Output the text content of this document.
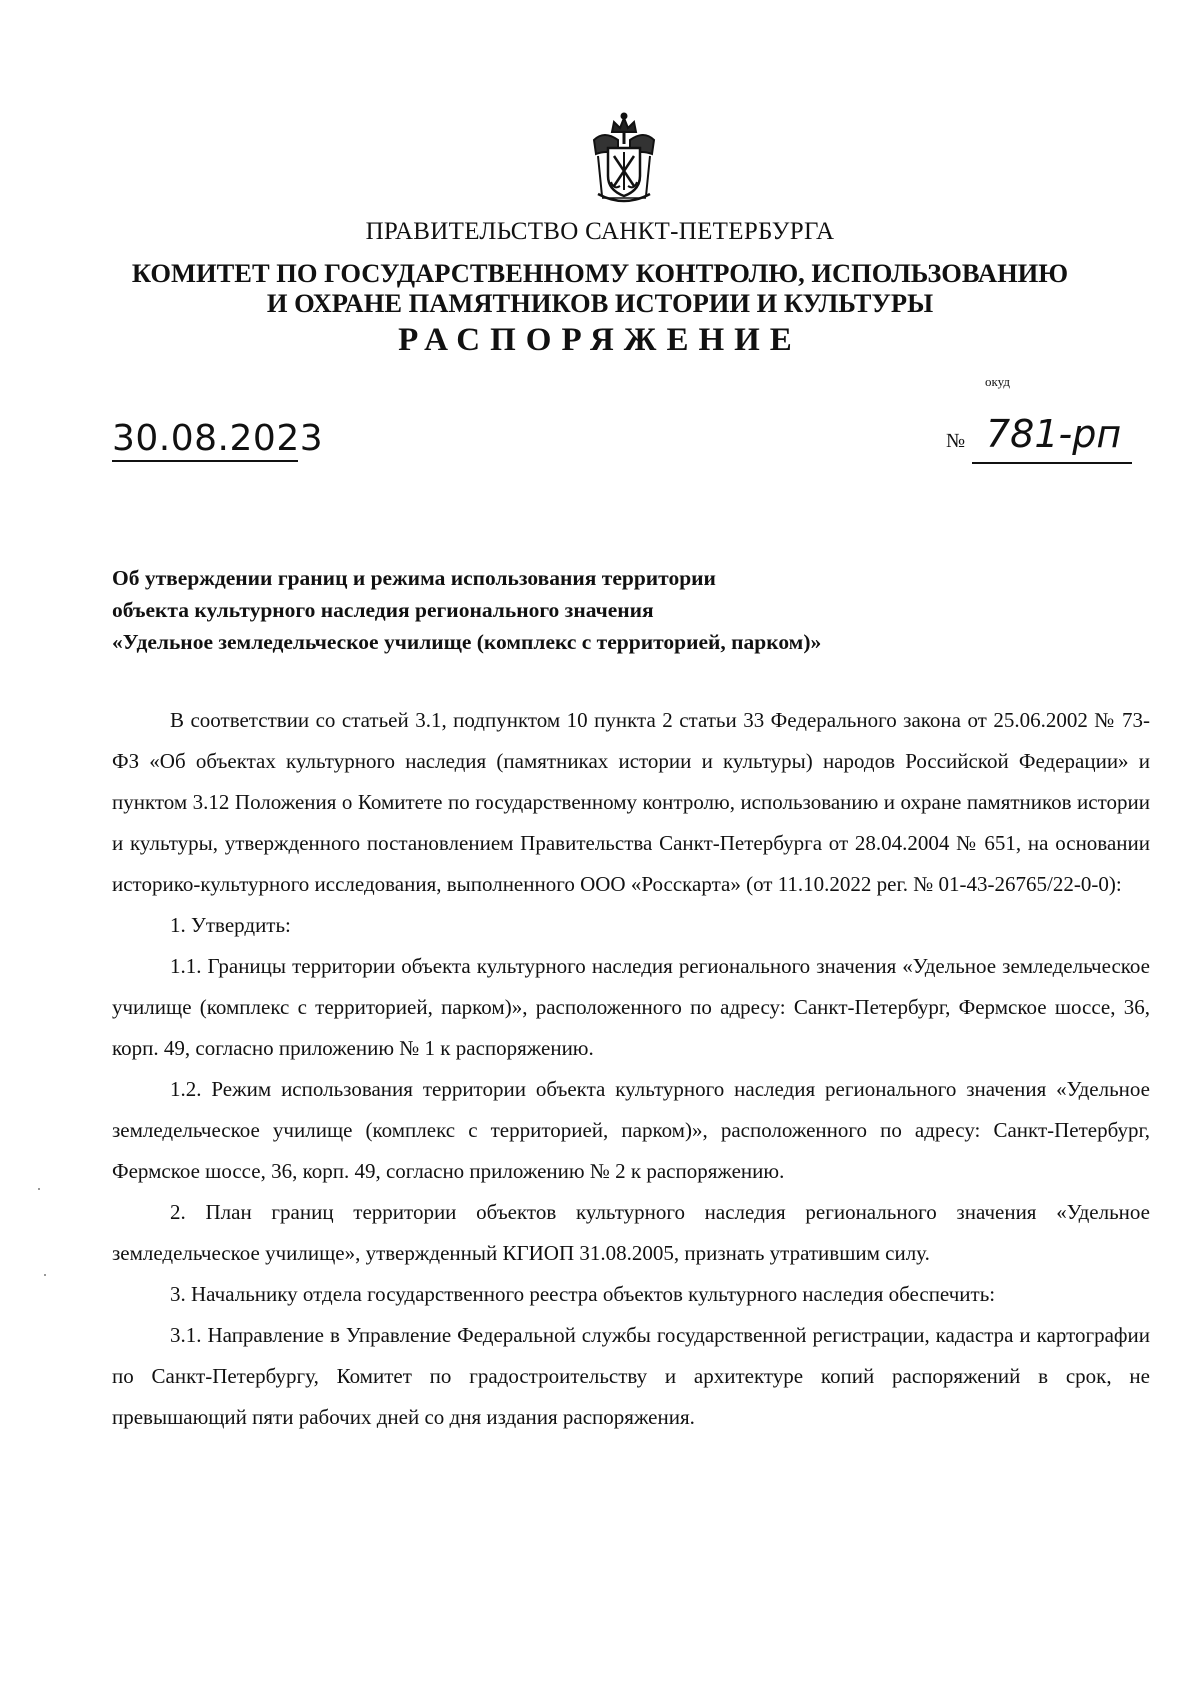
ПРАВИТЕЛЬСТВО САНКТ-ПЕТЕРБУРГА
КОМИТЕТ ПО ГОСУДАРСТВЕННОМУ КОНТРОЛЮ, ИСПОЛЬЗОВАНИЮ
И ОХРАНЕ ПАМЯТНИКОВ ИСТОРИИ И КУЛЬТУРЫ
РАСПОРЯЖЕНИЕ
окуд
30.08.2023	№ 781-рп
Об утверждении границ и режима использования территории
объекта культурного наследия регионального значения
«Удельное земледельческое училище (комплекс с территорией, парком)»

В соответствии со статьей 3.1, подпунктом 10 пункта 2 статьи 33 Федерального закона от 25.06.2002 № 73-ФЗ «Об объектах культурного наследия (памятниках истории и культуры) народов Российской Федерации» и пунктом 3.12 Положения о Комитете по государственному контролю, использованию и охране памятников истории и культуры, утвержденного постановлением Правительства Санкт-Петербурга от 28.04.2004 № 651, на основании историко-культурного исследования, выполненного ООО «Росскарта» (от 11.10.2022 рег. № 01-43-26765/22-0-0):

1. Утвердить:

1.1. Границы территории объекта культурного наследия регионального значения «Удельное земледельческое училище (комплекс с территорией, парком)», расположенного по адресу: Санкт-Петербург, Фермское шоссе, 36, корп. 49, согласно приложению № 1 к распоряжению.

1.2. Режим использования территории объекта культурного наследия регионального значения «Удельное земледельческое училище (комплекс с территорией, парком)», расположенного по адресу: Санкт-Петербург, Фермское шоссе, 36, корп. 49, согласно приложению № 2 к распоряжению.

2. План границ территории объектов культурного наследия регионального значения «Удельное земледельческое училище», утвержденный КГИОП 31.08.2005, признать утратившим силу.

3. Начальнику отдела государственного реестра объектов культурного наследия обеспечить:

3.1. Направление в Управление Федеральной службы государственной регистрации, кадастра и картографии по Санкт-Петербургу, Комитет по градостроительству и архитектуре копий распоряжений в срок, не превышающий пяти рабочих дней со дня издания распоряжения.
